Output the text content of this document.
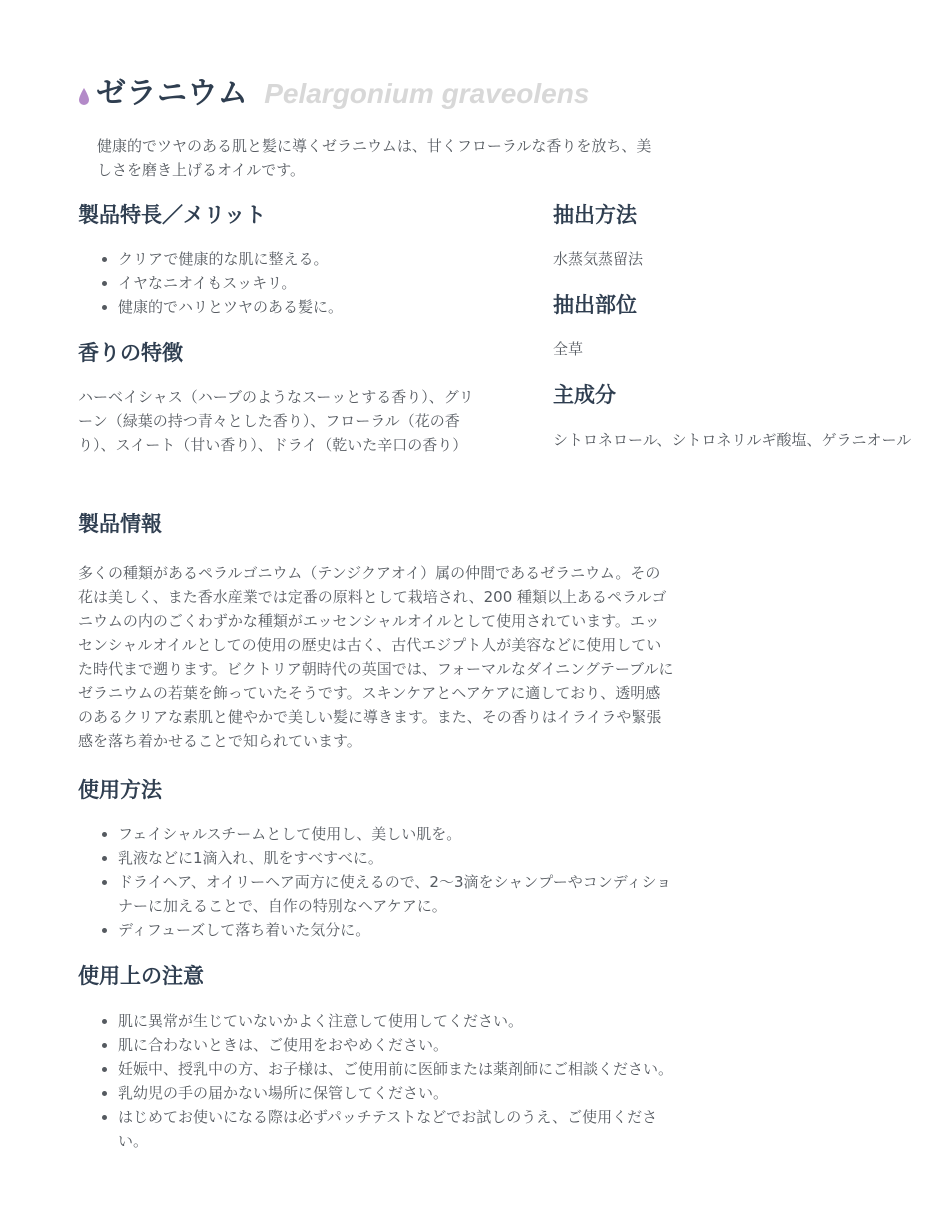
ゼラニウム Pelargonium graveolens

健康的でツヤのある肌と髪に導くゼラニウムは、甘くフローラルな香りを放ち、美しさを磨き上げるオイルです。

製品特長／メリット
• クリアで健康的な肌に整える。
• イヤなニオイもスッキリ。
• 健康的でハリとツヤのある髪に。
香りの特徴

ハーベイシャス（ハーブのようなスーッとする香り）、グリーン（緑葉の持つ青々とした香り）、フローラル（花の香り）、スイート（甘い香り）、ドライ（乾いた辛口の香り）

抽出方法

水蒸気蒸留法

抽出部位

全草

主成分

シトロネロール、シトロネリルギ酸塩、ゲラニオール

製品情報

多くの種類があるペラルゴニウム（テンジクアオイ）属の仲間であるゼラニウム。その花は美しく、また香水産業では定番の原料として栽培され、200 種類以上あるペラルゴニウムの内のごくわずかな種類がエッセンシャルオイルとして使用されています。エッセンシャルオイルとしての使用の歴史は古く、古代エジプト人が美容などに使用していた時代まで遡ります。ビクトリア朝時代の英国では、フォーマルなダイニングテーブルにゼラニウムの若葉を飾っていたそうです。スキンケアとヘアケアに適しており、透明感のあるクリアな素肌と健やかで美しい髪に導きます。また、その香りはイライラや緊張感を落ち着かせることで知られています。

使用方法
• フェイシャルスチームとして使用し、美しい肌を。
• 乳液などに1滴入れ、肌をすべすべに。
• ドライヘア、オイリーヘア両方に使えるので、2〜3滴をシャンプーやコンディショナーに加えることで、自作の特別なヘアケアに。
• ディフューズして落ち着いた気分に。
使用上の注意
• 肌に異常が生じていないかよく注意して使用してください。
• 肌に合わないときは、ご使用をおやめください。
• 妊娠中、授乳中の方、お子様は、ご使用前に医師または薬剤師にご相談ください。
• 乳幼児の手の届かない場所に保管してください。
• はじめてお使いになる際は必ずパッチテストなどでお試しのうえ、ご使用ください。
